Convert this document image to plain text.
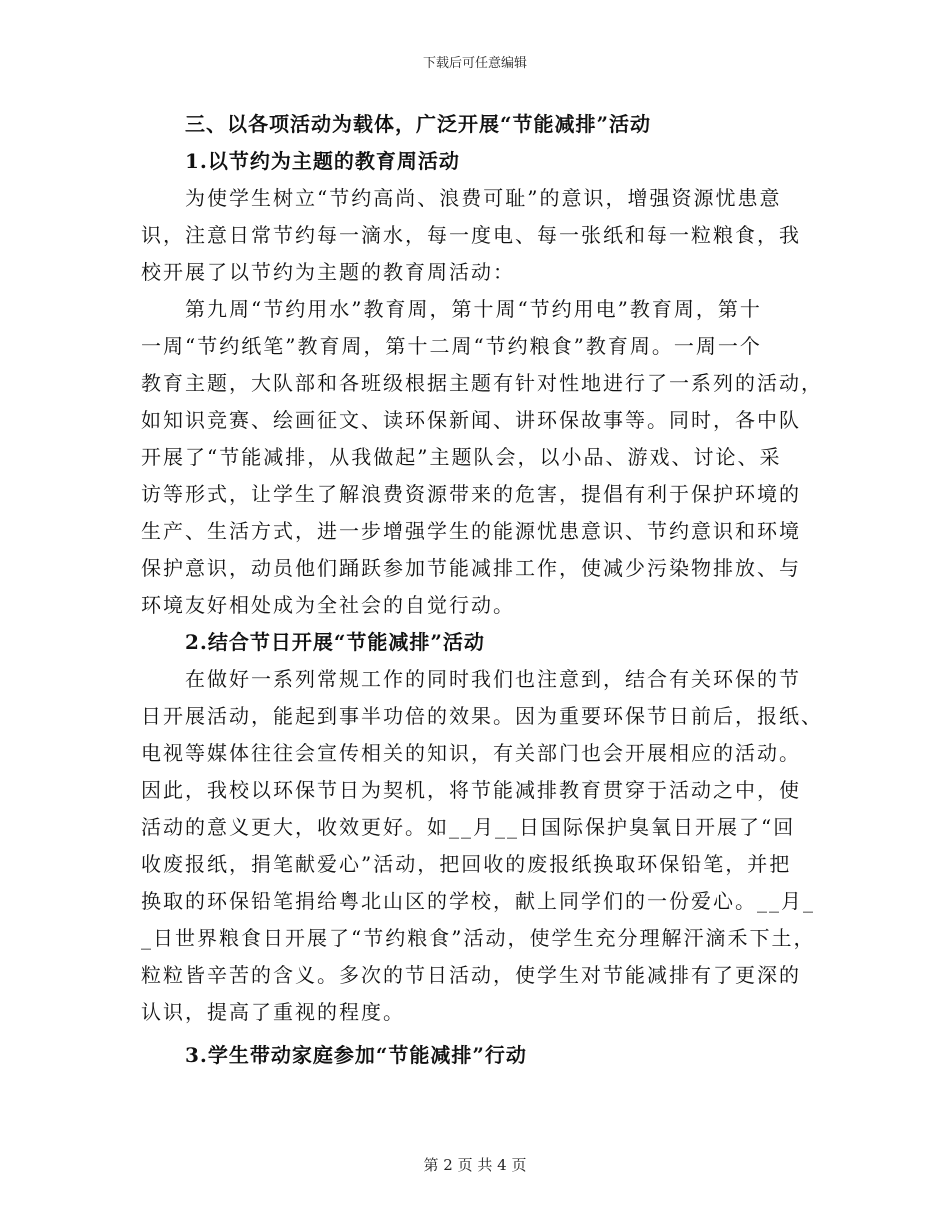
下载后可任意编辑
三、以各项活动为载体，广泛开展“节能减排”活动
1.以节约为主题的教育周活动
为使学生树立“节约高尚、浪费可耻”的意识，增强资源忧患意
识，注意日常节约每一滴水，每一度电、每一张纸和每一粒粮食，我
校开展了以节约为主题的教育周活动：
第九周“节约用水”教育周，第十周“节约用电”教育周，第十
一周“节约纸笔”教育周，第十二周“节约粮食”教育周。一周一个
教育主题，大队部和各班级根据主题有针对性地进行了一系列的活动，
如知识竞赛、绘画征文、读环保新闻、讲环保故事等。同时，各中队
开展了“节能减排，从我做起”主题队会，以小品、游戏、讨论、采
访等形式，让学生了解浪费资源带来的危害，提倡有利于保护环境的
生产、生活方式，进一步增强学生的能源忧患意识、节约意识和环境
保护意识，动员他们踊跃参加节能减排工作，使减少污染物排放、与
环境友好相处成为全社会的自觉行动。
2.结合节日开展“节能减排”活动
在做好一系列常规工作的同时我们也注意到，结合有关环保的节
日开展活动，能起到事半功倍的效果。因为重要环保节日前后，报纸、
电视等媒体往往会宣传相关的知识，有关部门也会开展相应的活动。
因此，我校以环保节日为契机，将节能减排教育贯穿于活动之中，使
活动的意义更大，收效更好。如__月__日国际保护臭氧日开展了“回
收废报纸，捐笔献爱心”活动，把回收的废报纸换取环保铅笔，并把
换取的环保铅笔捐给粤北山区的学校，献上同学们的一份爱心。__月_
_日世界粮食日开展了“节约粮食”活动，使学生充分理解汗滴禾下土，
粒粒皆辛苦的含义。多次的节日活动，使学生对节能减排有了更深的
认识，提高了重视的程度。
3.学生带动家庭参加“节能减排”行动
第 2 页 共 4 页
